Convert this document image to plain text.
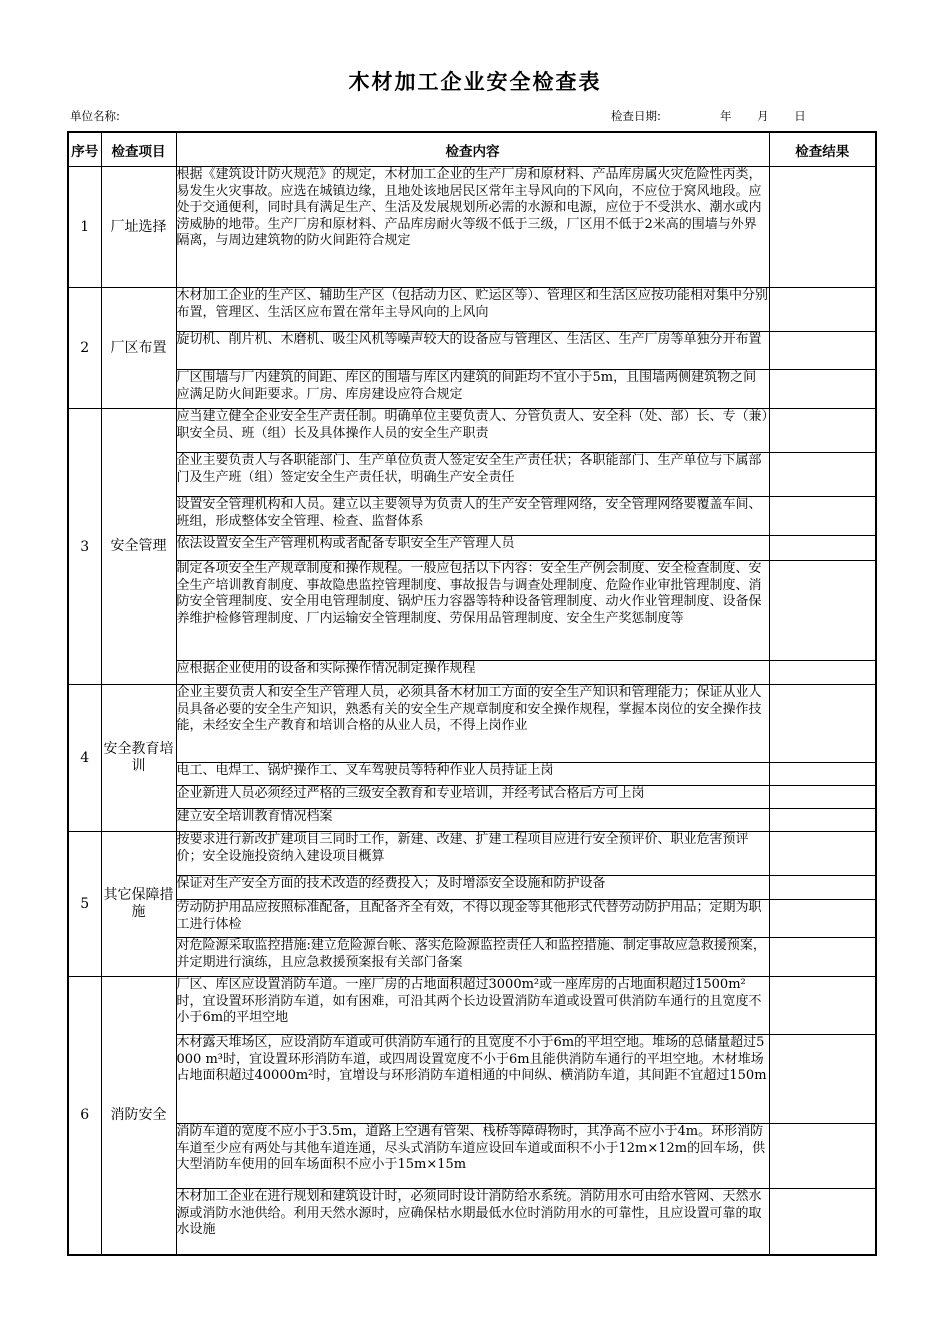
木材加工企业安全检查表
单位名称:	检查日期:	年 月 日
序号	检查项目	检查内容	检查结果
1	厂址选择	根据《建筑设计防火规范》的规定，木材加工企业的生产厂房和原材料、产品库房属火灾危险性丙类，易发生火灾事故。应选在城镇边缘，且地处该地居民区常年主导风向的下风向，不应位于窝风地段。应处于交通便利，同时具有满足生产、生活及发展规划所必需的水源和电源，应位于不受洪水、潮水或内涝威胁的地带。生产厂房和原材料、产品库房耐火等级不低于三级，厂区用不低于2米高的围墙与外界隔离，与周边建筑物的防火间距符合规定	
2	厂区布置	木材加工企业的生产区、辅助生产区（包括动力区、贮运区等）、管理区和生活区应按功能相对集中分别布置，管理区、生活区应布置在常年主导风向的上风向	
		旋切机、削片机、木磨机、吸尘风机等噪声较大的设备应与管理区、生活区、生产厂房等单独分开布置	
		厂区围墙与厂内建筑的间距、库区的围墙与库区内建筑的间距均不宜小于5m，且围墙两侧建筑物之间应满足防火间距要求。厂房、库房建设应符合规定	
3	安全管理	应当建立健全企业安全生产责任制。明确单位主要负责人、分管负责人、安全科（处、部）长、专（兼）职安全员、班（组）长及具体操作人员的安全生产职责	
		企业主要负责人与各职能部门、生产单位负责人签定安全生产责任状；各职能部门、生产单位与下属部门及生产班（组）签定安全生产责任状，明确生产安全责任	
		设置安全管理机构和人员。建立以主要领导为负责人的生产安全管理网络，安全管理网络要覆盖车间、班组，形成整体安全管理、检查、监督体系	
		依法设置安全生产管理机构或者配备专职安全生产管理人员	
		制定各项安全生产规章制度和操作规程。一般应包括以下内容：安全生产例会制度、安全检查制度、安全生产培训教育制度、事故隐患监控管理制度、事故报告与调查处理制度、危险作业审批管理制度、消防安全管理制度、安全用电管理制度、锅炉压力容器等特种设备管理制度、动火作业管理制度、设备保养维护检修管理制度、厂内运输安全管理制度、劳保用品管理制度、安全生产奖惩制度等	
		应根据企业使用的设备和实际操作情况制定操作规程	
4	安全教育培训	企业主要负责人和安全生产管理人员，必须具备木材加工方面的安全生产知识和管理能力；保证从业人员具备必要的安全生产知识，熟悉有关的安全生产规章制度和安全操作规程，掌握本岗位的安全操作技能，未经安全生产教育和培训合格的从业人员，不得上岗作业	
		电工、电焊工、锅炉操作工、叉车驾驶员等特种作业人员持证上岗	
		企业新进人员必须经过严格的三级安全教育和专业培训，并经考试合格后方可上岗	
		建立安全培训教育情况档案	
5	其它保障措施	按要求进行新改扩建项目三同时工作，新建、改建、扩建工程项目应进行安全预评价、职业危害预评价；安全设施投资纳入建设项目概算	
		保证对生产安全方面的技术改造的经费投入；及时增添安全设施和防护设备	
		劳动防护用品应按照标准配备，且配备齐全有效，不得以现金等其他形式代替劳动防护用品；定期为职工进行体检	
		对危险源采取监控措施:建立危险源台帐、落实危险源监控责任人和监控措施、制定事故应急救援预案，并定期进行演练，且应急救援预案报有关部门备案	
6	消防安全	厂区、库区应设置消防车道。一座厂房的占地面积超过3000m²或一座库房的占地面积超过1500m²时，宜设置环形消防车道，如有困难，可沿其两个长边设置消防车道或设置可供消防车通行的且宽度不小于6m的平坦空地	
		木材露天堆场区，应设消防车道或可供消防车通行的且宽度不小于6m的平坦空地。堆场的总储量超过5000 m³时，宜设置环形消防车道，或四周设置宽度不小于6m且能供消防车通行的平坦空地。木材堆场占地面积超过40000m²时，宜增设与环形消防车道相通的中间纵、横消防车道，其间距不宜超过150m	
		消防车道的宽度不应小于3.5m，道路上空遇有管架、栈桥等障碍物时，其净高不应小于4m。环形消防车道至少应有两处与其他车道连通，尽头式消防车道应设回车道或面积不小于12m×12m的回车场，供大型消防车使用的回车场面积不应小于15m×15m	
		木材加工企业在进行规划和建筑设计时，必须同时设计消防给水系统。消防用水可由给水管网、天然水源或消防水池供给。利用天然水源时，应确保枯水期最低水位时消防用水的可靠性，且应设置可靠的取水设施	
